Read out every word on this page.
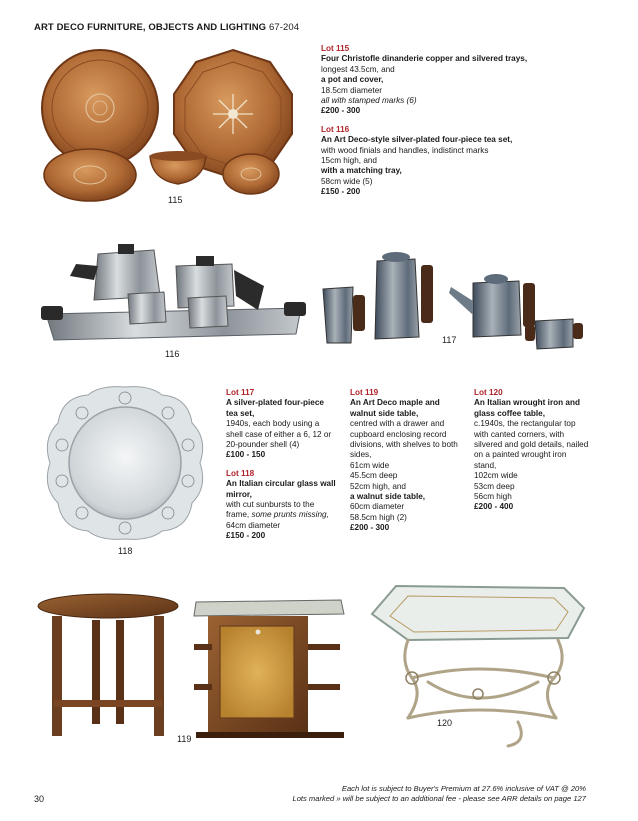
ART DECO FURNITURE, OBJECTS AND LIGHTING 67-204
115
Lot 115
Four Christofle dinanderie copper and silvered trays,
longest 43.5cm, and
a pot and cover,
18.5cm diameter
all with stamped marks (6)
£200 - 300
Lot 116
An Art Deco-style silver-plated four-piece tea set,
with wood finials and handles, indistinct marks
15cm high, and
with a matching tray,
58cm wide (5)
£150 - 200
116
117
118
Lot 117
A silver-plated four-piece tea set,
1940s, each body using a shell case of either a 6, 12 or 20-pounder shell (4)
£100 - 150
Lot 118
An Italian circular glass wall mirror,
with cut sunbursts to the frame, some prunts missing,
64cm diameter
£150 - 200
Lot 119
An Art Deco maple and walnut side table,
centred with a drawer and cupboard enclosing record divisions, with shelves to both sides,
61cm wide
45.5cm deep
52cm high, and
a walnut side table,
60cm diameter
58.5cm high (2)
£200 - 300
Lot 120
An Italian wrought iron and glass coffee table,
c.1940s, the rectangular top with canted corners, with silvered and gold details, nailed on a painted wrought iron stand,
102cm wide
53cm deep
56cm high
£200 - 400
119
120
Each lot is subject to Buyer's Premium at 27.6% inclusive of VAT @ 20%
Lots marked » will be subject to an additional fee - please see ARR details on page 127
30
